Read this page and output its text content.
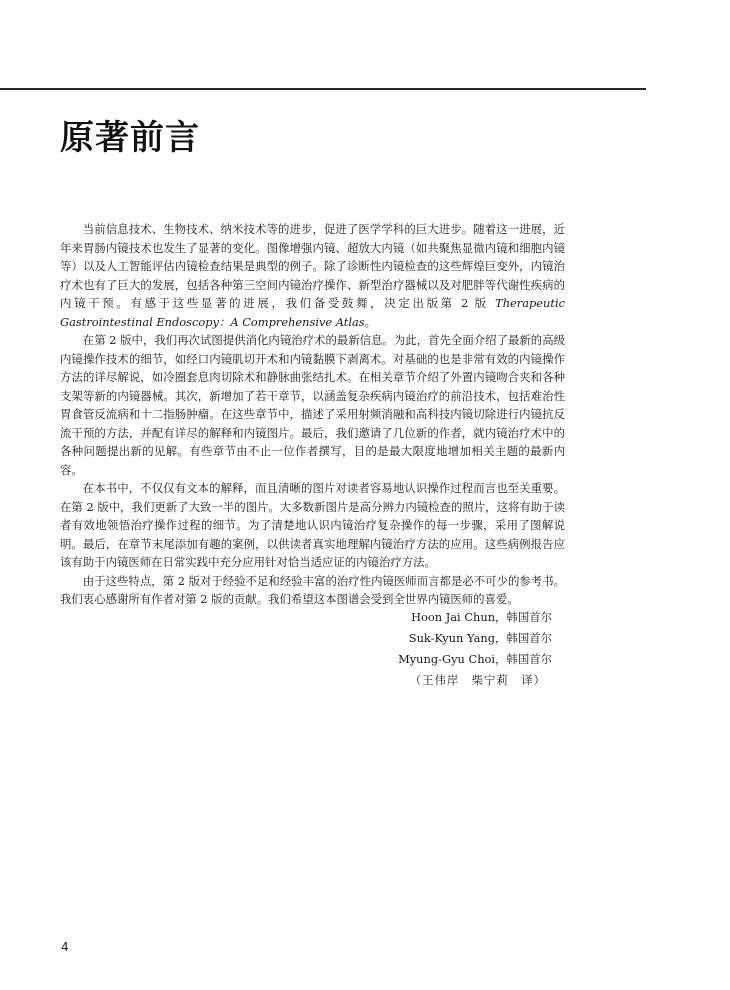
原著前言

当前信息技术、生物技术、纳米技术等的进步，促进了医学学科的巨大进步。随着这一进展，近年来胃肠内镜技术也发生了显著的变化。图像增强内镜、超放大内镜（如共聚焦显微内镜和细胞内镜等）以及人工智能评估内镜检查结果是典型的例子。除了诊断性内镜检查的这些辉煌巨变外，内镜治疗术也有了巨大的发展，包括各种第三空间内镜治疗操作、新型治疗器械以及对肥胖等代谢性疾病的内镜干预。有感于这些显著的进展，我们备受鼓舞，决定出版第 2 版 Therapeutic Gastrointestinal Endoscopy：A Comprehensive Atlas。

在第 2 版中，我们再次试图提供消化内镜治疗术的最新信息。为此，首先全面介绍了最新的高级内镜操作技术的细节，如经口内镜肌切开术和内镜黏膜下剥离术。对基础的也是非常有效的内镜操作方法的详尽解说，如冷圈套息肉切除术和静脉曲张结扎术。在相关章节介绍了外置内镜吻合夹和各种支架等新的内镜器械。其次，新增加了若干章节，以涵盖复杂疾病内镜治疗的前沿技术，包括难治性胃食管反流病和十二指肠肿瘤。在这些章节中，描述了采用射频消融和高科技内镜切除进行内镜抗反流干预的方法，并配有详尽的解释和内镜图片。最后，我们邀请了几位新的作者，就内镜治疗术中的各种问题提出新的见解。有些章节由不止一位作者撰写，目的是最大限度地增加相关主题的最新内容。

在本书中，不仅仅有文本的解释，而且清晰的图片对读者容易地认识操作过程而言也至关重要。在第 2 版中，我们更新了大致一半的图片。大多数新图片是高分辨力内镜检查的照片，这将有助于读者有效地领悟治疗操作过程的细节。为了清楚地认识内镜治疗复杂操作的每一步骤，采用了图解说明。最后，在章节末尾添加有趣的案例，以供读者真实地理解内镜治疗方法的应用。这些病例报告应该有助于内镜医师在日常实践中充分应用针对恰当适应证的内镜治疗方法。

由于这些特点，第 2 版对于经验不足和经验丰富的治疗性内镜医师而言都是必不可少的参考书。我们衷心感谢所有作者对第 2 版的贡献。我们希望这本图谱会受到全世界内镜医师的喜爱。

Hoon Jai Chun，韩国首尔
Suk-Kyun Yang，韩国首尔
Myung-Gyu Choi，韩国首尔
（王伟岸　柴宁莉　译）
4
